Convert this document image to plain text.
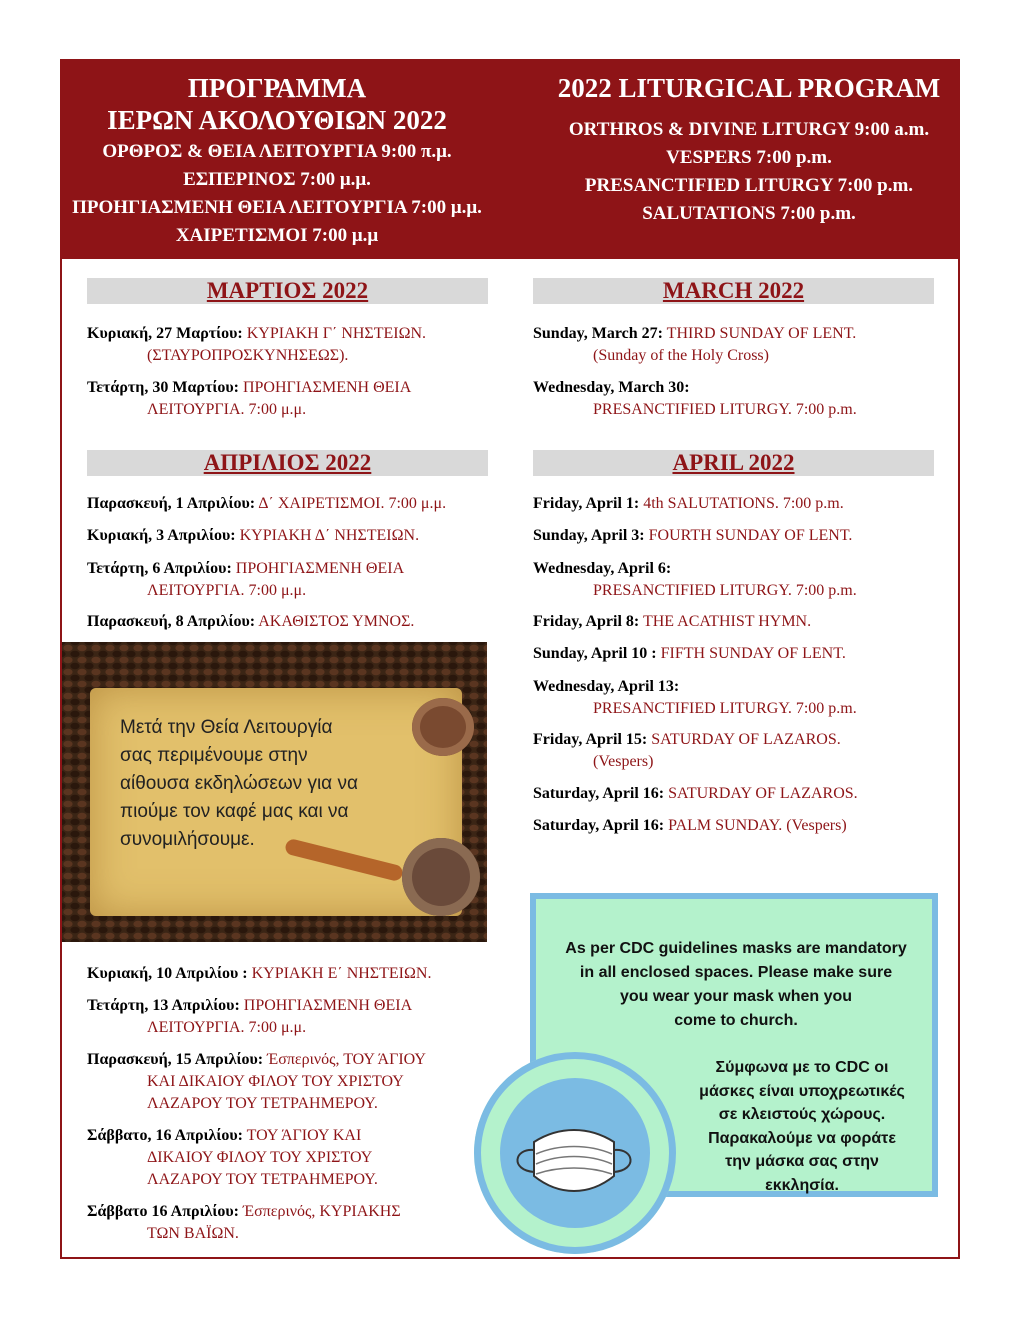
ΠΡΟΓΡΑΜΜΑ
ΙΕΡΩΝ ΑΚΟΛΟΥΘΙΩΝ 2022
ΟΡΘΡΟΣ & ΘΕΙΑ ΛΕΙΤΟΥΡΓΙΑ 9:00 π.μ.
ΕΣΠΕΡΙΝΟΣ 7:00 μ.μ.
ΠΡΟΗΓΙΑΣΜΕΝΗ ΘΕΙΑ ΛΕΙΤΟΥΡΓΙΑ 7:00 μ.μ.
ΧΑΙΡΕΤΙΣΜΟΙ 7:00 μ.μ
2022 LITURGICAL PROGRAM
ORTHROS & DIVINE LITURGY 9:00 a.m.
VESPERS 7:00 p.m.
PRESANCTIFIED LITURGY 7:00 p.m.
SALUTATIONS 7:00 p.m.
ΜΑΡΤΙΟΣ 2022
Κυριακή, 27 Μαρτίου: ΚΥΡΙΑΚΗ Γ΄ ΝΗΣΤΕΙΩΝ.
(ΣΤΑΥΡΟΠΡΟΣΚΥΝΗΣΕΩΣ).
Τετάρτη, 30 Μαρτίου: ΠΡΟΗΓΙΑΣΜΕΝΗ ΘΕΙΑ
ΛΕΙΤΟΥΡΓΙΑ. 7:00 μ.μ.
ΑΠΡΙΛΙΟΣ 2022
Παρασκευή, 1 Απριλίου: Δ΄ ΧΑΙΡΕΤΙΣΜΟΙ. 7:00 μ.μ.
Κυριακή, 3 Απριλίου: ΚΥΡΙΑΚΗ Δ΄ ΝΗΣΤΕΙΩΝ.
Τετάρτη, 6 Απριλίου: ΠΡΟΗΓΙΑΣΜΕΝΗ ΘΕΙΑ
ΛΕΙΤΟΥΡΓΙΑ. 7:00 μ.μ.
Παρασκευή, 8 Απριλίου: ΑΚΑΘΙΣΤΟΣ ΥΜΝΟΣ.
Μετά την Θεία Λειτουργία
σας περιμένουμε στην
αίθουσα εκδηλώσεων για να
πιούμε τον καφέ μας και να
συνομιλήσουμε.
Κυριακή, 10 Απριλίου : ΚΥΡΙΑΚΗ Ε΄ ΝΗΣΤΕΙΩΝ.
Τετάρτη, 13 Απριλίου: ΠΡΟΗΓΙΑΣΜΕΝΗ ΘΕΙΑ
ΛΕΙΤΟΥΡΓΙΑ. 7:00 μ.μ.
Παρασκευή, 15 Απριλίου: Έσπερινός, ΤΟΥ ΆΓΙΟΥ
ΚΑΙ ΔΙΚΑΙΟΥ ΦΙΛΟΥ ΤΟΥ ΧΡΙΣΤΟΥ
ΛΑΖΑΡΟΥ ΤΟΥ ΤΕΤΡΑΗΜΕΡΟΥ.
Σάββατο, 16 Απριλίου: ΤΟΥ ΆΓΙΟΥ ΚΑΙ
ΔΙΚΑΙΟΥ ΦΙΛΟΥ ΤΟΥ ΧΡΙΣΤΟΥ
ΛΑΖΑΡΟΥ ΤΟΥ ΤΕΤΡΑΗΜΕΡΟΥ.
Σάββατο 16 Απριλίου: Έσπερινός, ΚΥΡΙΑΚΗΣ
ΤΩΝ ΒΑΪΩΝ.
MARCH 2022
Sunday, March 27: THIRD SUNDAY OF LENT.
(Sunday of the Holy Cross)
Wednesday, March 30:
PRESANCTIFIED LITURGY. 7:00 p.m.
APRIL 2022
Friday, April 1: 4th SALUTATIONS. 7:00 p.m.
Sunday, April 3: FOURTH SUNDAY OF LENT.
Wednesday, April 6:
PRESANCTIFIED LITURGY. 7:00 p.m.
Friday, April 8: THE ACATHIST HYMN.
Sunday, April 10 : FIFTH SUNDAY OF LENT.
Wednesday, April 13:
PRESANCTIFIED LITURGY. 7:00 p.m.
Friday, April 15: SATURDAY OF LAZAROS.
(Vespers)
Saturday, April 16: SATURDAY OF LAZAROS.
Saturday, April 16: PALM SUNDAY. (Vespers)
As per CDC guidelines masks are mandatory
in all enclosed spaces. Please make sure
you wear your mask when you
come to church.
Σύμφωνα με το CDC οι
μάσκες είναι υποχρεωτικές
σε κλειστούς χώρους.
Παρακαλούμε να φοράτε
την μάσκα σας στην
εκκλησία.
